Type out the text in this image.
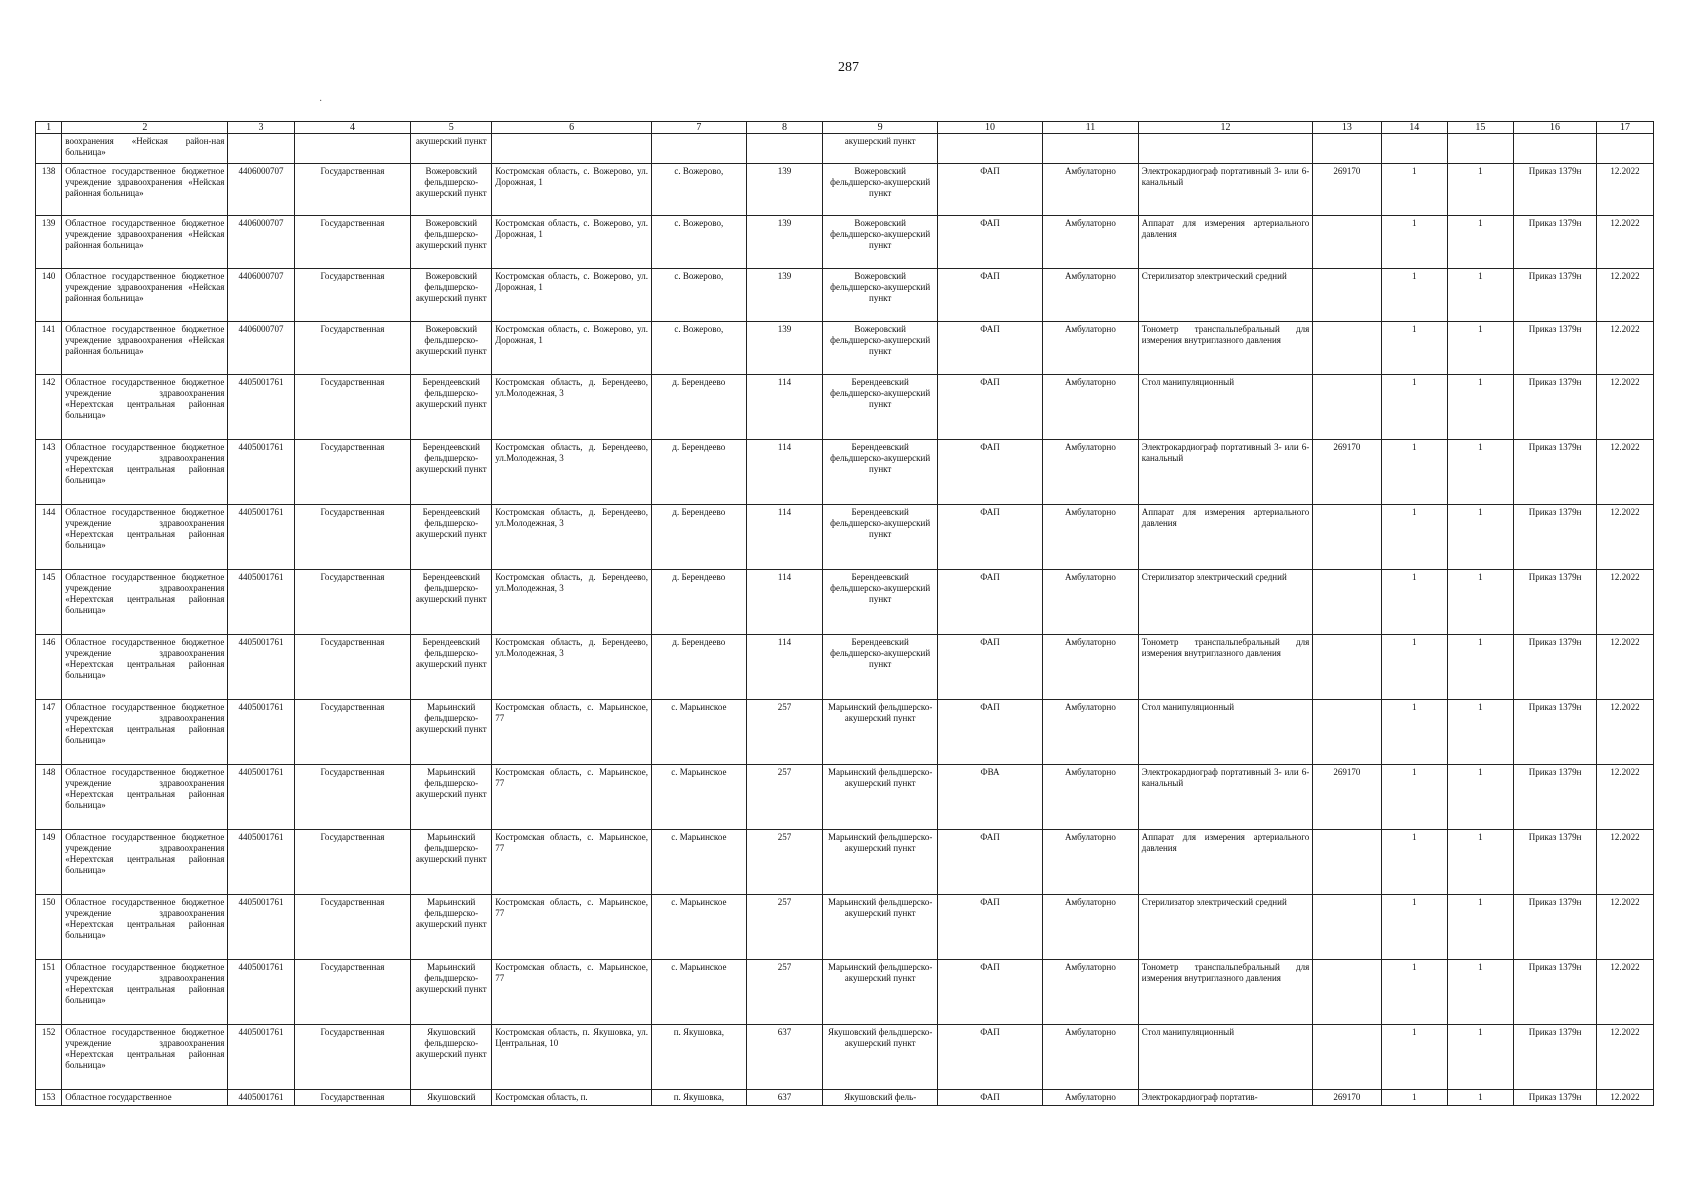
287
·
1	2	3	4	5	6	7	8	9	10	11	12	13	14	15	16	17
	воохранения «Нейская район-ная больница»			акушерский пункт				акушерский пункт								
138	Областное государственное бюджетное учреждение здравоохранения «Нейская районная больница»	4406000707	Государственная	Вожеровский фельдшерско-акушерский пункт	Костромская область, с. Вожерово, ул. Дорожная, 1	с. Вожерово,	139	Вожеровский фельдшерско-акушерский пункт	ФАП	Амбулаторно	Электрокардиограф портативный 3- или 6-канальный	269170	1	1	Приказ 1379н	12.2022
139	Областное государственное бюджетное учреждение здравоохранения «Нейская районная больница»	4406000707	Государственная	Вожеровский фельдшерско-акушерский пункт	Костромская область, с. Вожерово, ул. Дорожная, 1	с. Вожерово,	139	Вожеровский фельдшерско-акушерский пункт	ФАП	Амбулаторно	Аппарат для измерения артериального давления		1	1	Приказ 1379н	12.2022
140	Областное государственное бюджетное учреждение здравоохранения «Нейская районная больница»	4406000707	Государственная	Вожеровский фельдшерско-акушерский пункт	Костромская область, с. Вожерово, ул. Дорожная, 1	с. Вожерово,	139	Вожеровский фельдшерско-акушерский пункт	ФАП	Амбулаторно	Стерилизатор электрический средний		1	1	Приказ 1379н	12.2022
141	Областное государственное бюджетное учреждение здравоохранения «Нейская районная больница»	4406000707	Государственная	Вожеровский фельдшерско-акушерский пункт	Костромская область, с. Вожерово, ул. Дорожная, 1	с. Вожерово,	139	Вожеровский фельдшерско-акушерский пункт	ФАП	Амбулаторно	Тонометр транспальпебральный для измерения внутриглазного давления		1	1	Приказ 1379н	12.2022
142	Областное государственное бюджетное учреждение здравоохранения «Нерехтская центральная районная больница»	4405001761	Государственная	Берендеевский фельдшерско-акушерский пункт	Костромская область, д. Берендеево, ул.Молодежная, 3	д. Берендеево	114	Берендеевский фельдшерско-акушерский пункт	ФАП	Амбулаторно	Стол манипуляционный		1	1	Приказ 1379н	12.2022
143	Областное государственное бюджетное учреждение здравоохранения «Нерехтская центральная районная больница»	4405001761	Государственная	Берендеевский фельдшерско-акушерский пункт	Костромская область, д. Берендеево, ул.Молодежная, 3	д. Берендеево	114	Берендеевский фельдшерско-акушерский пункт	ФАП	Амбулаторно	Электрокардиограф портативный 3- или 6-канальный	269170	1	1	Приказ 1379н	12.2022
144	Областное государственное бюджетное учреждение здравоохранения «Нерехтская центральная районная больница»	4405001761	Государственная	Берендеевский фельдшерско-акушерский пункт	Костромская область, д. Берендеево, ул.Молодежная, 3	д. Берендеево	114	Берендеевский фельдшерско-акушерский пункт	ФАП	Амбулаторно	Аппарат для измерения артериального давления		1	1	Приказ 1379н	12.2022
145	Областное государственное бюджетное учреждение здравоохранения «Нерехтская центральная районная больница»	4405001761	Государственная	Берендеевский фельдшерско-акушерский пункт	Костромская область, д. Берендеево, ул.Молодежная, 3	д. Берендеево	114	Берендеевский фельдшерско-акушерский пункт	ФАП	Амбулаторно	Стерилизатор электрический средний		1	1	Приказ 1379н	12.2022
146	Областное государственное бюджетное учреждение здравоохранения «Нерехтская центральная районная больница»	4405001761	Государственная	Берендеевский фельдшерско-акушерский пункт	Костромская область, д. Берендеево, ул.Молодежная, 3	д. Берендеево	114	Берендеевский фельдшерско-акушерский пункт	ФАП	Амбулаторно	Тонометр транспальпебральный для измерения внутриглазного давления		1	1	Приказ 1379н	12.2022
147	Областное государственное бюджетное учреждение здравоохранения «Нерехтская центральная районная больница»	4405001761	Государственная	Марьинский фельдшерско-акушерский пункт	Костромская область, с. Марьинское, 77	с. Марьинское	257	Марьинский фельдшерско-акушерский пункт	ФАП	Амбулаторно	Стол манипуляционный		1	1	Приказ 1379н	12.2022
148	Областное государственное бюджетное учреждение здравоохранения «Нерехтская центральная районная больница»	4405001761	Государственная	Марьинский фельдшерско-акушерский пункт	Костромская область, с. Марьинское, 77	с. Марьинское	257	Марьинский фельдшерско-акушерский пункт	ФВА	Амбулаторно	Электрокардиограф портативный 3- или 6-канальный	269170	1	1	Приказ 1379н	12.2022
149	Областное государственное бюджетное учреждение здравоохранения «Нерехтская центральная районная больница»	4405001761	Государственная	Марьинский фельдшерско-акушерский пункт	Костромская область, с. Марьинское, 77	с. Марьинское	257	Марьинский фельдшерско-акушерский пункт	ФАП	Амбулаторно	Аппарат для измерения артериального давления		1	1	Приказ 1379н	12.2022
150	Областное государственное бюджетное учреждение здравоохранения «Нерехтская центральная районная больница»	4405001761	Государственная	Марьинский фельдшерско-акушерский пункт	Костромская область, с. Марьинское, 77	с. Марьинское	257	Марьинский фельдшерско-акушерский пункт	ФАП	Амбулаторно	Стерилизатор электрический средний		1	1	Приказ 1379н	12.2022
151	Областное государственное бюджетное учреждение здравоохранения «Нерехтская центральная районная больница»	4405001761	Государственная	Марьинский фельдшерско-акушерский пункт	Костромская область, с. Марьинское, 77	с. Марьинское	257	Марьинский фельдшерско-акушерский пункт	ФАП	Амбулаторно	Тонометр транспальпебральный для измерения внутриглазного давления		1	1	Приказ 1379н	12.2022
152	Областное государственное бюджетное учреждение здравоохранения «Нерехтская центральная районная больница»	4405001761	Государственная	Якушовский фельдшерско-акушерский пункт	Костромская область, п. Якушовка, ул. Центральная, 10	п. Якушовка,	637	Якушовский фельдшерско-акушерский пункт	ФАП	Амбулаторно	Стол манипуляционный		1	1	Приказ 1379н	12.2022
153	Областное государственное	4405001761	Государственная	Якушовский	Костромская область, п.	п. Якушовка,	637	Якушовский фель-	ФАП	Амбулаторно	Электрокардиограф портатив-	269170	1	1	Приказ 1379н	12.2022
